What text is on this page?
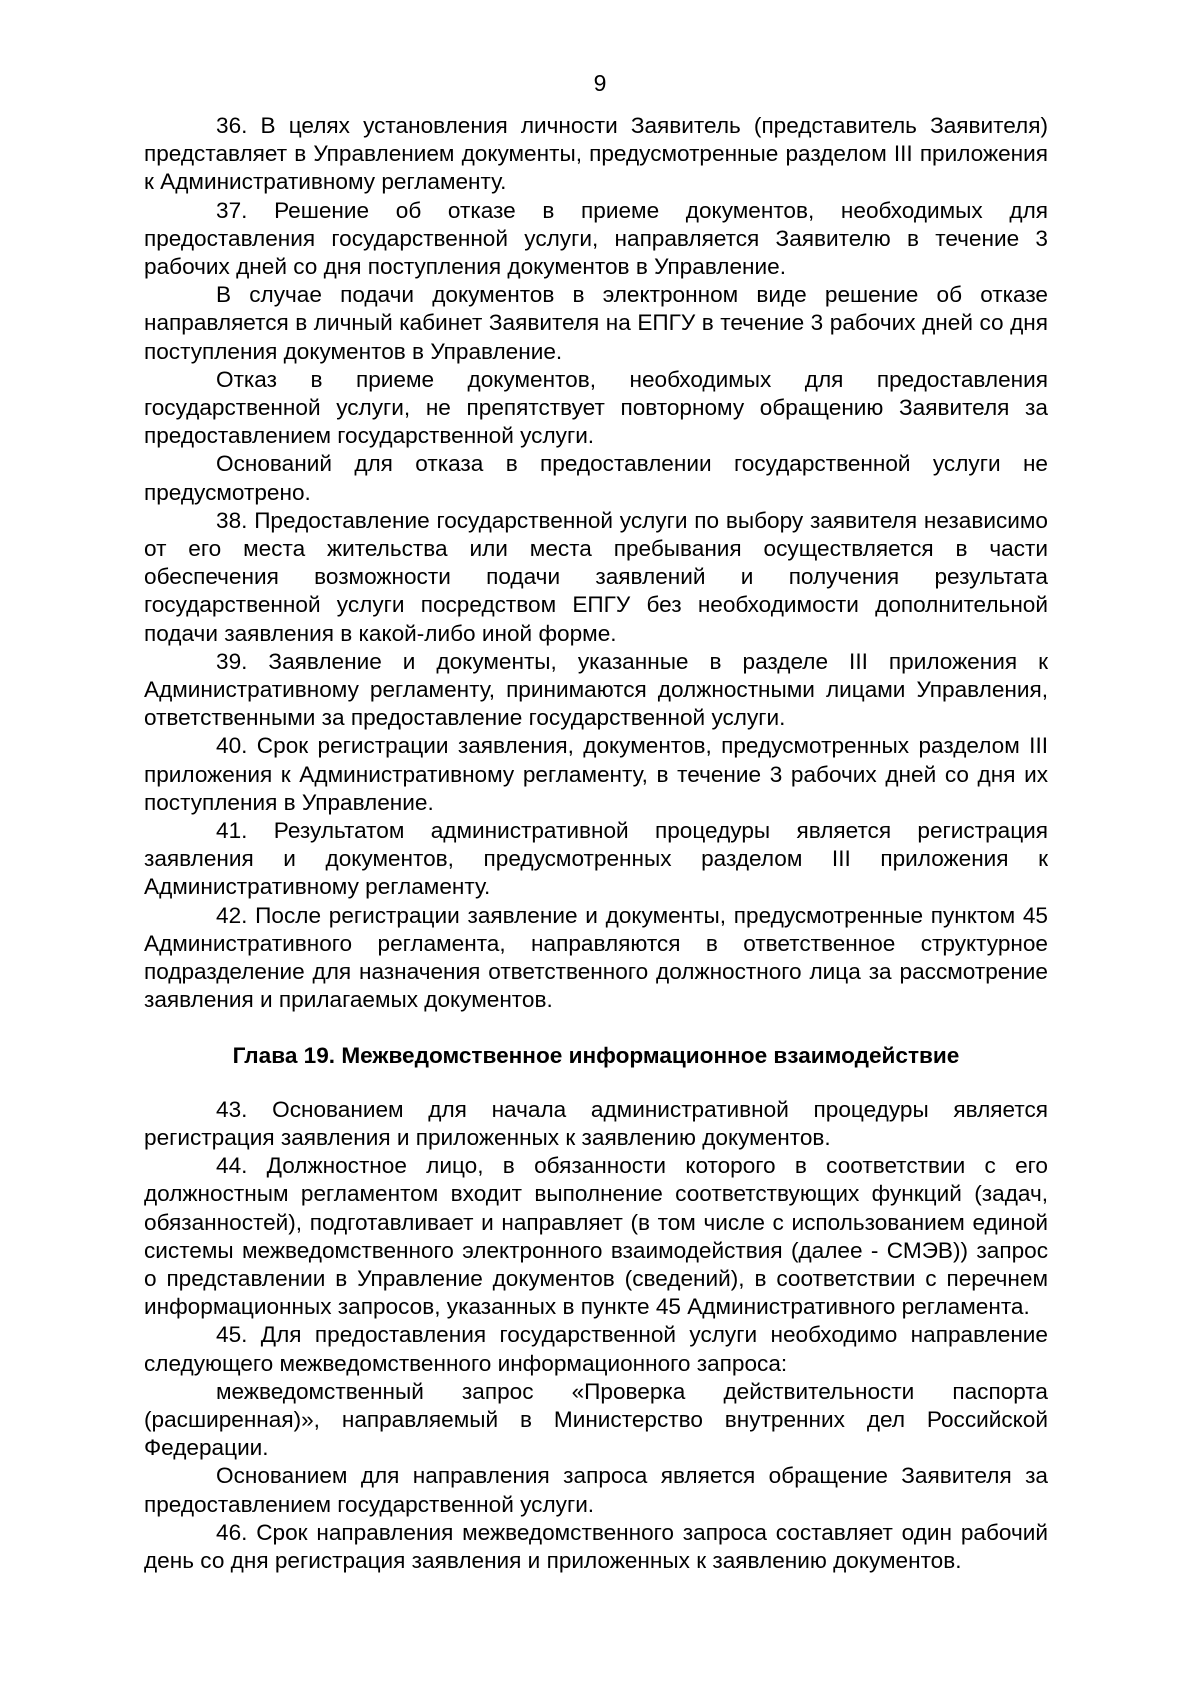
9

36. В целях установления личности Заявитель (представитель Заявителя) представляет в Управлением документы, предусмотренные разделом III приложения к Административному регламенту.

37. Решение об отказе в приеме документов, необходимых для предоставления государственной услуги, направляется Заявителю в течение 3 рабочих дней со дня поступления документов в Управление.

В случае подачи документов в электронном виде решение об отказе направляется в личный кабинет Заявителя на ЕПГУ в течение 3 рабочих дней со дня поступления документов в Управление.

Отказ в приеме документов, необходимых для предоставления государственной услуги, не препятствует повторному обращению Заявителя за предоставлением государственной услуги.

Оснований для отказа в предоставлении государственной услуги не предусмотрено.

38. Предоставление государственной услуги по выбору заявителя независимо от его места жительства или места пребывания осуществляется в части обеспечения возможности подачи заявлений и получения результата государственной услуги посредством ЕПГУ без необходимости дополнительной подачи заявления в какой-либо иной форме.

39. Заявление и документы, указанные в разделе III приложения к Административному регламенту, принимаются должностными лицами Управления, ответственными за предоставление государственной услуги.

40. Срок регистрации заявления, документов, предусмотренных разделом III приложения к Административному регламенту, в течение 3 рабочих дней со дня их поступления в Управление.

41. Результатом административной процедуры является регистрация заявления и документов, предусмотренных разделом III приложения к Административному регламенту.

42. После регистрации заявление и документы, предусмотренные пунктом 45 Административного регламента, направляются в ответственное структурное подразделение для назначения ответственного должностного лица за рассмотрение заявления и прилагаемых документов.

Глава 19. Межведомственное информационное взаимодействие

43. Основанием для начала административной процедуры является регистрация заявления и приложенных к заявлению документов.

44. Должностное лицо, в обязанности которого в соответствии с его должностным регламентом входит выполнение соответствующих функций (задач, обязанностей), подготавливает и направляет (в том числе с использованием единой системы межведомственного электронного взаимодействия (далее - СМЭВ)) запрос о представлении в Управление документов (сведений), в соответствии с перечнем информационных запросов, указанных в пункте 45 Административного регламента.

45. Для предоставления государственной услуги необходимо направление следующего межведомственного информационного запроса:

межведомственный запрос «Проверка действительности паспорта (расширенная)», направляемый в Министерство внутренних дел Российской Федерации.

Основанием для направления запроса является обращение Заявителя за предоставлением государственной услуги.

46. Срок направления межведомственного запроса составляет один рабочий день со дня регистрация заявления и приложенных к заявлению документов.
